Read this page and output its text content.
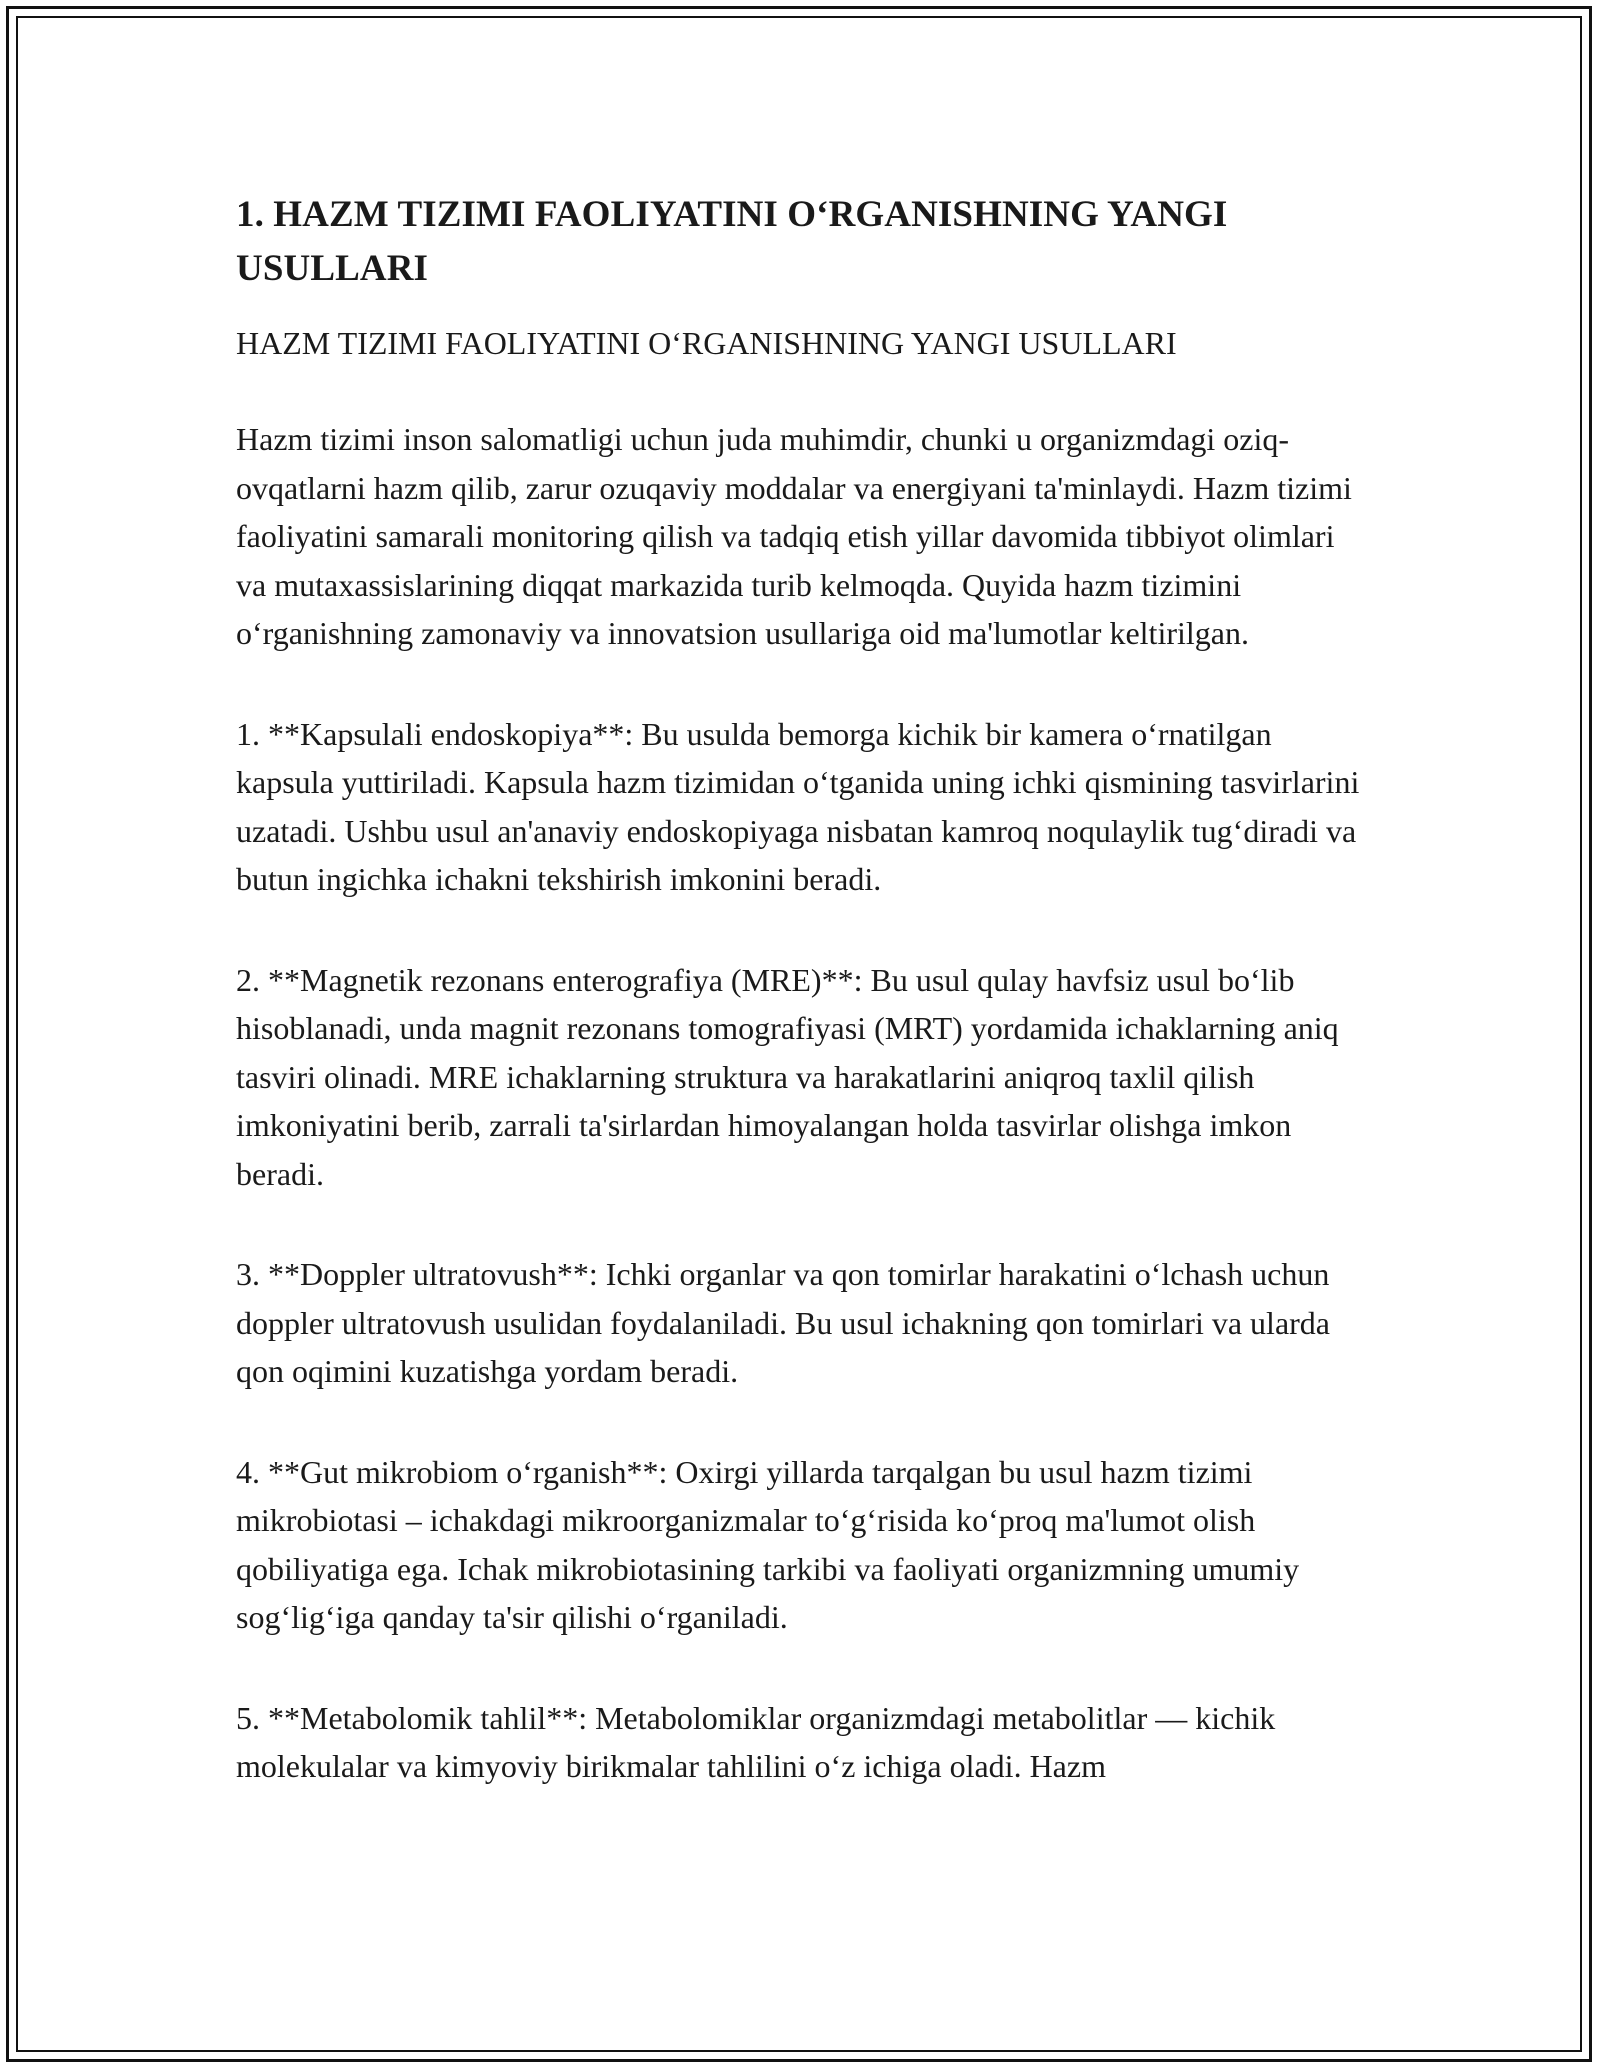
1. HAZM TIZIMI FAOLIYATINI O‘RGANISHNING YANGI USULLARI
HAZM TIZIMI FAOLIYATINI O‘RGANISHNING YANGI USULLARI

Hazm tizimi inson salomatligi uchun juda muhimdir, chunki u organizmdagi oziq-ovqatlarni hazm qilib, zarur ozuqaviy moddalar va energiyani ta'minlaydi. Hazm tizimi faoliyatini samarali monitoring qilish va tadqiq etish yillar davomida tibbiyot olimlari va mutaxassislarining diqqat markazida turib kelmoqda. Quyida hazm tizimini o‘rganishning zamonaviy va innovatsion usullariga oid ma'lumotlar keltirilgan.

1. **Kapsulali endoskopiya**: Bu usulda bemorga kichik bir kamera o‘rnatilgan kapsula yuttiriladi. Kapsula hazm tizimidan o‘tganida uning ichki qismining tasvirlarini uzatadi. Ushbu usul an'anaviy endoskopiyaga nisbatan kamroq noqulaylik tug‘diradi va butun ingichka ichakni tekshirish imkonini beradi.

2. **Magnetik rezonans enterografiya (MRE)**: Bu usul qulay havfsiz usul bo‘lib hisoblanadi, unda magnit rezonans tomografiyasi (MRT) yordamida ichaklarning aniq tasviri olinadi. MRE ichaklarning struktura va harakatlarini aniqroq taxlil qilish imkoniyatini berib, zarrali ta'sirlardan himoyalangan holda tasvirlar olishga imkon beradi.

3. **Doppler ultratovush**: Ichki organlar va qon tomirlar harakatini o‘lchash uchun doppler ultratovush usulidan foydalaniladi. Bu usul ichakning qon tomirlari va ularda qon oqimini kuzatishga yordam beradi.

4. **Gut mikrobiom o‘rganish**: Oxirgi yillarda tarqalgan bu usul hazm tizimi mikrobiotasi – ichakdagi mikroorganizmalar to‘g‘risida ko‘proq ma'lumot olish qobiliyatiga ega. Ichak mikrobiotasining tarkibi va faoliyati organizmning umumiy sog‘lig‘iga qanday ta'sir qilishi o‘rganiladi.

5. **Metabolomik tahlil**: Metabolomiklar organizmdagi metabolitlar — kichik molekulalar va kimyoviy birikmalar tahlilini o‘z ichiga oladi. Hazm
